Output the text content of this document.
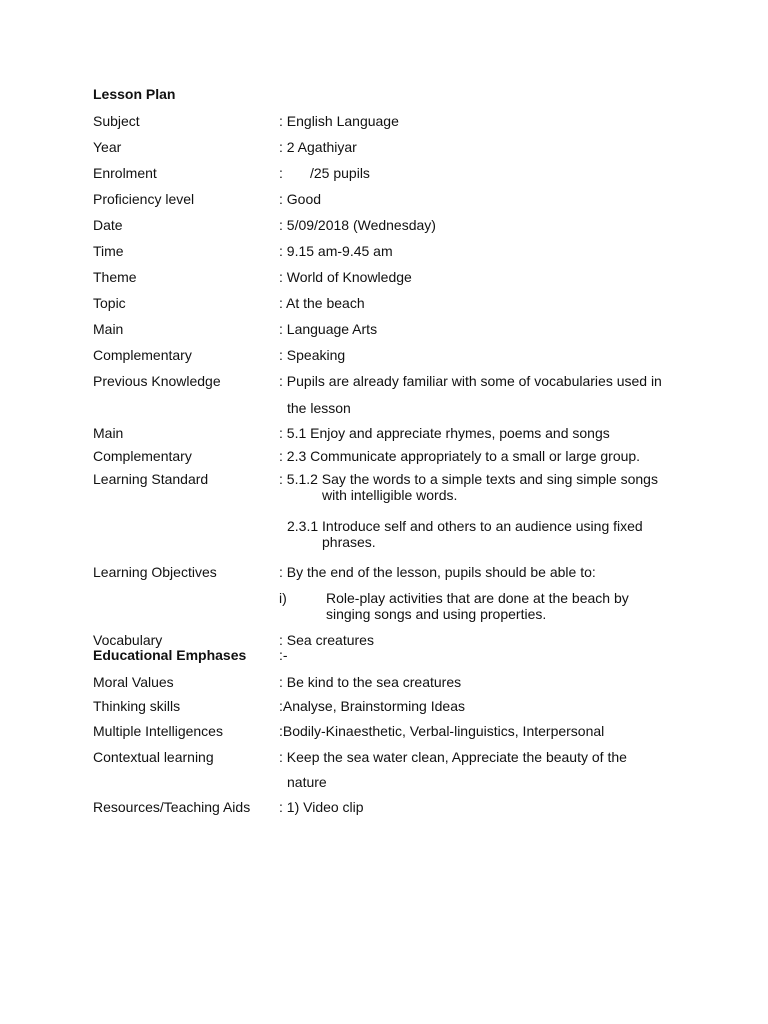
Lesson Plan
Subject	: English Language
Year	: 2 Agathiyar
Enrolment	: /25 pupils
Proficiency level	: Good
Date	: 5/09/2018 (Wednesday)
Time	: 9.15 am-9.45 am
Theme	: World of Knowledge
Topic	: At the beach
Main	: Language Arts
Complementary	: Speaking
Previous Knowledge	: Pupils are already familiar with some of vocabularies used in
the lesson
Main	: 5.1 Enjoy and appreciate rhymes, poems and songs
Complementary	: 2.3 Communicate appropriately to a small or large group.
Learning Standard	: 5.1.2 Say the words to a simple texts and sing simple songs
with intelligible words.
2.3.1 Introduce self and others to an audience using fixed
phrases.
Learning Objectives	: By the end of the lesson, pupils should be able to:
i)	Role-play activities that are done at the beach by
singing songs and using properties.
Vocabulary	: Sea creatures
Educational Emphases :-
Moral Values	: Be kind to the sea creatures
Thinking skills	:Analyse, Brainstorming Ideas
Multiple Intelligences	:Bodily-Kinaesthetic, Verbal-linguistics, Interpersonal
Contextual learning	: Keep the sea water clean, Appreciate the beauty of the
nature
Resources/Teaching Aids : 1) Video clip
